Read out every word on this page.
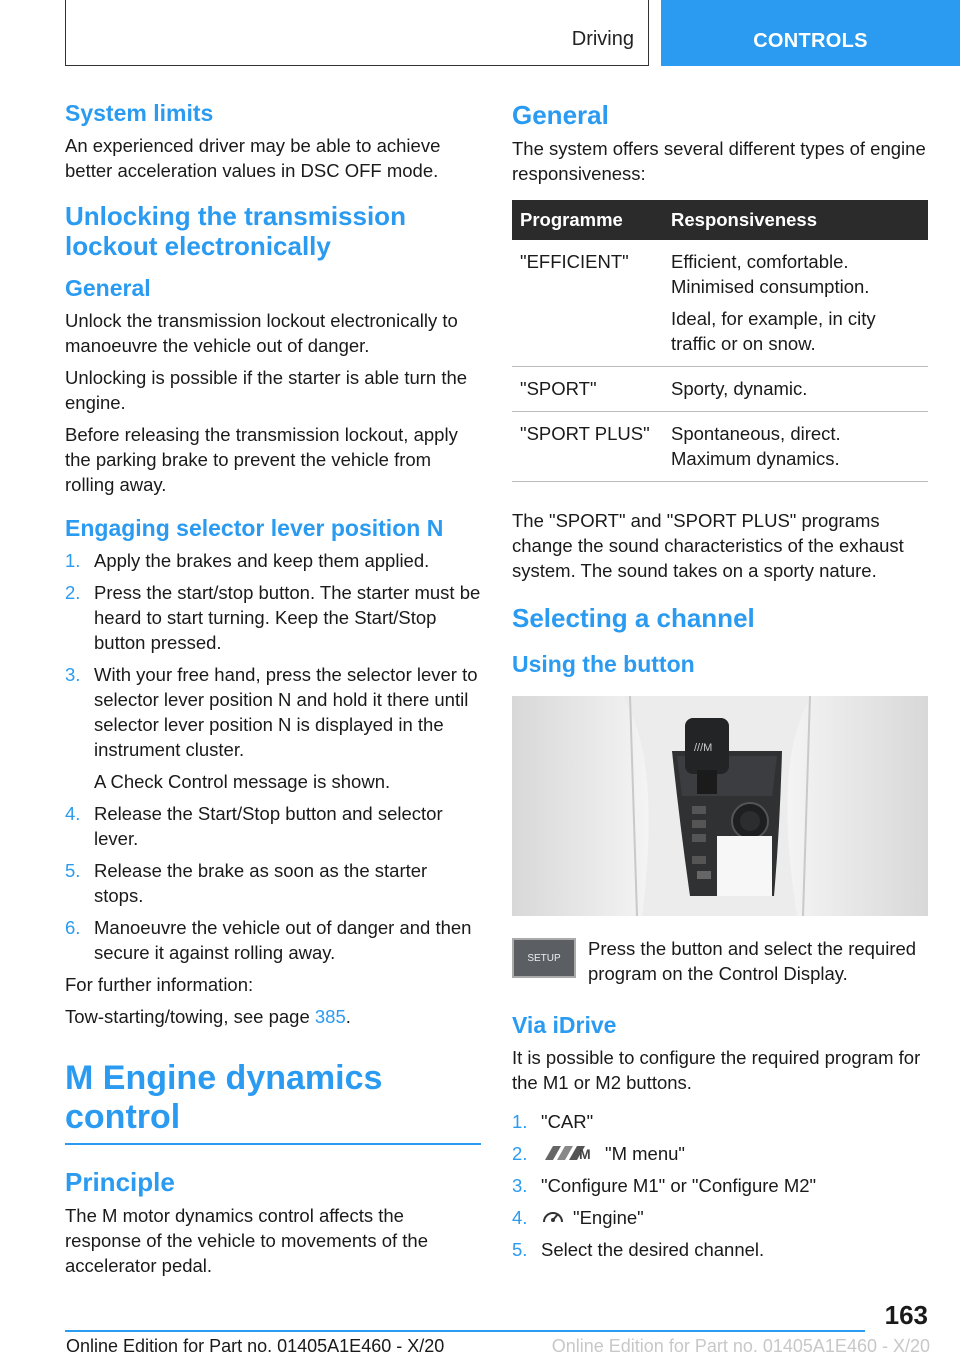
Driving	CONTROLS
System limits

An experienced driver may be able to achieve better acceleration values in DSC OFF mode.

Unlocking the transmission lockout electronically
General

Unlock the transmission lockout electronically to manoeuvre the vehicle out of danger.

Unlocking is possible if the starter is able turn the engine.

Before releasing the transmission lockout, apply the parking brake to prevent the vehicle from rolling away.

Engaging selector lever position N
1. Apply the brakes and keep them applied.
2. Press the start/stop button. The starter must be heard to start turning. Keep the Start/Stop button pressed.
3. With your free hand, press the selector lever to selector lever position N and hold it there until selector lever position N is displayed in the instrument cluster.
A Check Control message is shown.
4. Release the Start/Stop button and selector lever.
5. Release the brake as soon as the starter stops.
6. Manoeuvre the vehicle out of danger and then secure it against rolling away.

For further information:

Tow-starting/towing, see page 385.

M Engine dynamics control
Principle

The M motor dynamics control affects the response of the vehicle to movements of the accelerator pedal.

General

The system offers several different types of engine responsiveness:

Programme	Responsiveness
"EFFICIENT"	Efficient, comfortable. Minimised consumption.
Ideal, for example, in city traffic or on snow.

"SPORT"	Sporty, dynamic.
"SPORT PLUS"	Spontaneous, direct. Maximum dynamics.

The "SPORT" and "SPORT PLUS" programs change the sound characteristics of the exhaust system. The sound takes on a sporty nature.

Selecting a channel
Using the button
///M
SETUP	Press the button and select the required program on the Control Display.

Via iDrive

It is possible to configure the required program for the M1 or M2 buttons.

1. "CAR"
2.	M "M menu"
3. "Configure M1" or "Configure M2"
4. "Engine"
5. Select the desired channel.
163
Online Edition for Part no. 01405A1E460 - X/20	Online Edition for Part no. 01405A1E460 - X/20
